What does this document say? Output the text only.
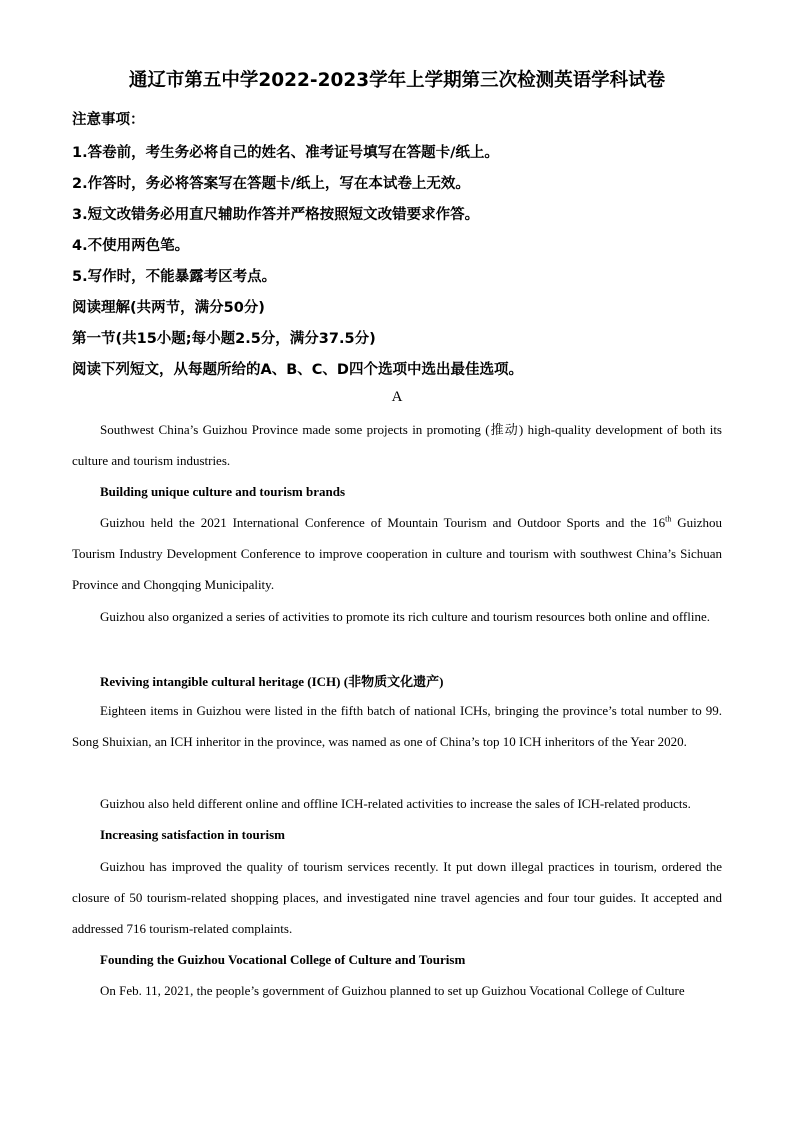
通辽市第五中学2022-2023学年上学期第三次检测英语学科试卷
注意事项：
1.答卷前，考生务必将自己的姓名、准考证号填写在答题卡/纸上。
2.作答时，务必将答案写在答题卡/纸上，写在本试卷上无效。
3.短文改错务必用直尺辅助作答并严格按照短文改错要求作答。
4.不使用两色笔。
5.写作时，不能暴露考区考点。
阅读理解(共两节，满分50分)
第一节(共15小题;每小题2.5分，满分37.5分)
阅读下列短文，从每题所给的A、B、C、D四个选项中选出最佳选项。
A
Southwest China’s Guizhou Province made some projects in promoting (推动) high-quality development of both its culture and tourism industries.
Building unique culture and tourism brands
Guizhou held the 2021 International Conference of Mountain Tourism and Outdoor Sports and the 16th Guizhou Tourism Industry Development Conference to improve cooperation in culture and tourism with southwest China’s Sichuan Province and Chongqing Municipality.
Guizhou also organized a series of activities to promote its rich culture and tourism resources both online and offline.
Reviving intangible cultural heritage (ICH) (非物质文化遗产)
Eighteen items in Guizhou were listed in the fifth batch of national ICHs, bringing the province’s total number to 99. Song Shuixian, an ICH inheritor in the province, was named as one of China’s top 10 ICH inheritors of the Year 2020.
Guizhou also held different online and offline ICH-related activities to increase the sales of ICH-related products.
Increasing satisfaction in tourism
Guizhou has improved the quality of tourism services recently. It put down illegal practices in tourism, ordered the closure of 50 tourism-related shopping places, and investigated nine travel agencies and four tour guides. It accepted and addressed 716 tourism-related complaints.
Founding the Guizhou Vocational College of Culture and Tourism
On Feb. 11, 2021, the people’s government of Guizhou planned to set up Guizhou Vocational College of Culture
